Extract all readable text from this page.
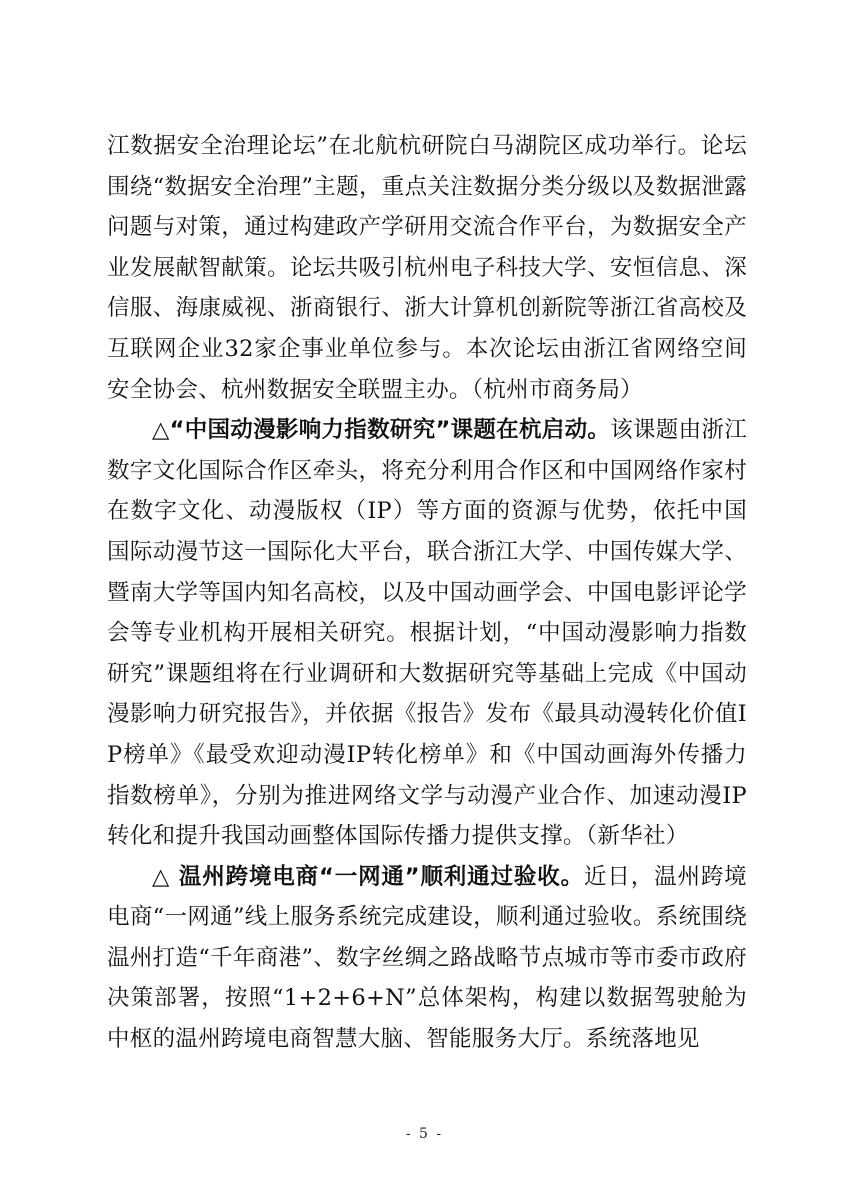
江数据安全治理论坛”在北航杭研院白马湖院区成功举行。论坛围绕“数据安全治理”主题，重点关注数据分类分级以及数据泄露问题与对策，通过构建政产学研用交流合作平台，为数据安全产业发展献智献策。论坛共吸引杭州电子科技大学、安恒信息、深信服、海康威视、浙商银行、浙大计算机创新院等浙江省高校及互联网企业32家企事业单位参与。本次论坛由浙江省网络空间安全协会、杭州数据安全联盟主办。（杭州市商务局）

△“中国动漫影响力指数研究”课题在杭启动。该课题由浙江数字文化国际合作区牵头，将充分利用合作区和中国网络作家村在数字文化、动漫版权（IP）等方面的资源与优势，依托中国国际动漫节这一国际化大平台，联合浙江大学、中国传媒大学、暨南大学等国内知名高校，以及中国动画学会、中国电影评论学会等专业机构开展相关研究。根据计划，“中国动漫影响力指数研究”课题组将在行业调研和大数据研究等基础上完成《中国动漫影响力研究报告》，并依据《报告》发布《最具动漫转化价值IP榜单》《最受欢迎动漫IP转化榜单》和《中国动画海外传播力指数榜单》，分别为推进网络文学与动漫产业合作、加速动漫IP转化和提升我国动画整体国际传播力提供支撑。（新华社）

△ 温州跨境电商“一网通”顺利通过验收。近日，温州跨境电商“一网通”线上服务系统完成建设，顺利通过验收。系统围绕温州打造“千年商港”、数字丝绸之路战略节点城市等市委市政府决策部署，按照“1+2+6+N”总体架构，构建以数据驾驶舱为中枢的温州跨境电商智慧大脑、智能服务大厅。系统落地见

- 5 -
